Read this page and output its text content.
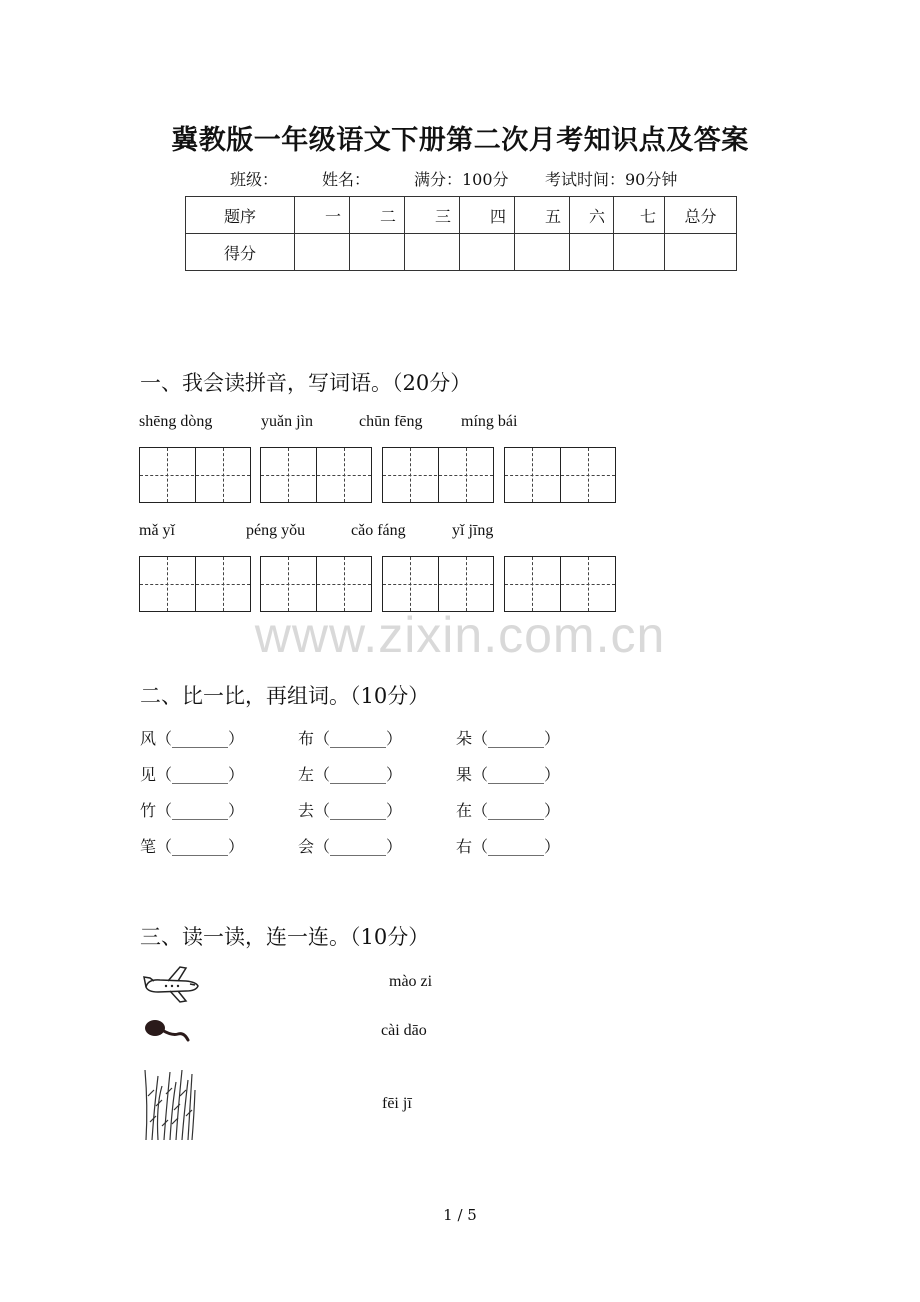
冀教版一年级语文下册第二次月考知识点及答案
班级：	姓名：	满分：100分 考试时间：90分钟
题序	一	二	三	四	五	六	七	总分
得分								
一、我会读拼音，写词语。（20分）
shēng dòng	yuǎn jìn	chūn fēng míng bái
mǎ yǐ	péng yǒu	cǎo fáng	yǐ jīng
www.zixin.com.cn
二、比一比，再组词。（10分）
风（_______）	布（_______）	朵（_______）
见（_______）	左（_______）	果（_______）
竹（_______）	去（_______）	在（_______）
笔（_______）	会（_______）	右（_______）
三、读一读，连一连。（10分）
mào zi
cài dāo
fēi jī
1 / 5
